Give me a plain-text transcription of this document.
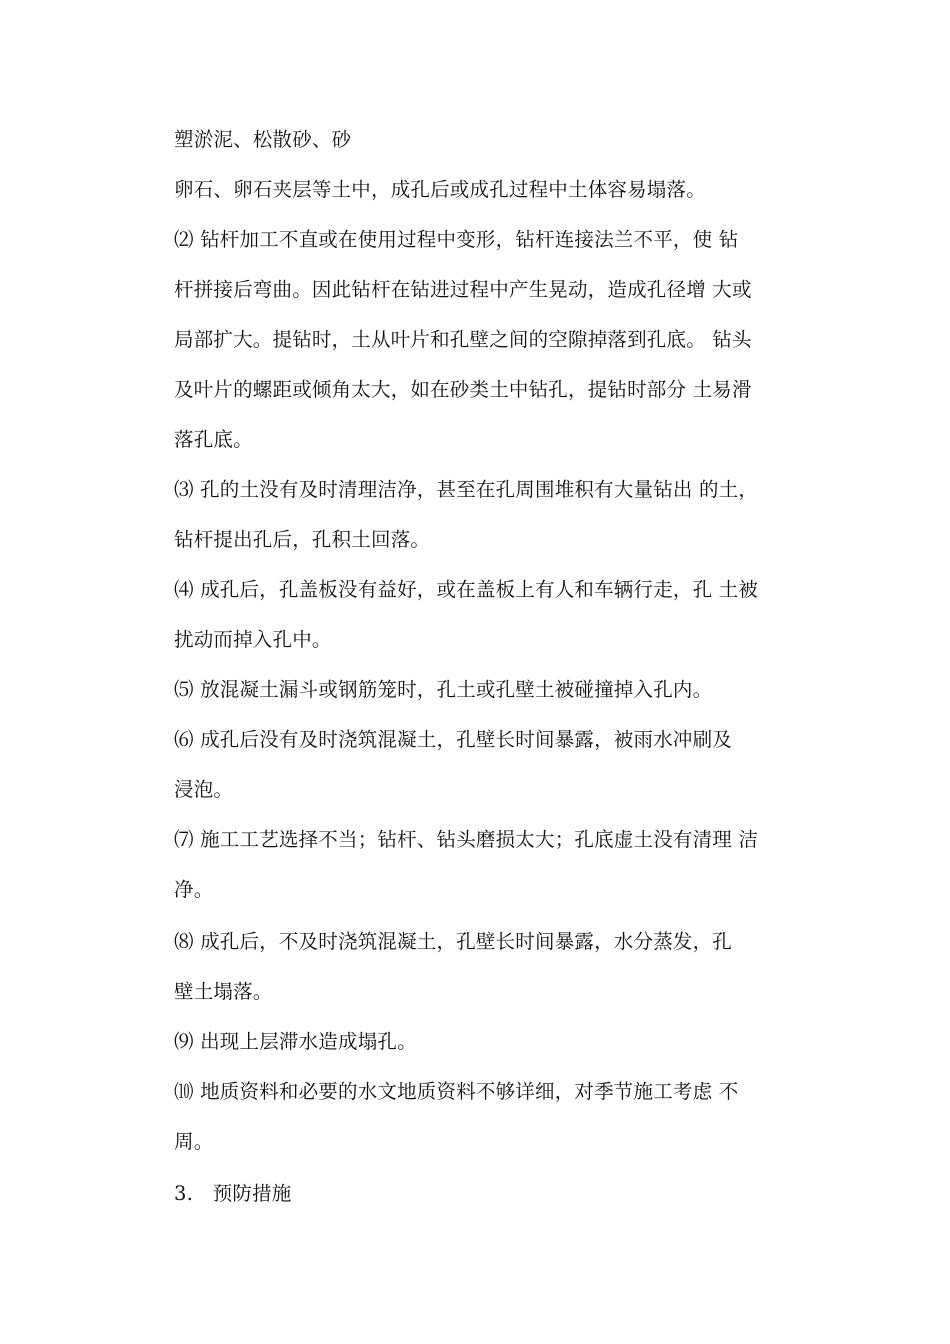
塑淤泥、松散砂、砂
卵石、卵石夹层等土中，成孔后或成孔过程中土体容易塌落。
⑵ 钻杆加工不直或在使用过程中变形，钻杆连接法兰不平，使 钻
杆拼接后弯曲。因此钻杆在钻进过程中产生晃动，造成孔径增 大或
局部扩大。提钻时，土从叶片和孔壁之间的空隙掉落到孔底。 钻头
及叶片的螺距或倾角太大，如在砂类土中钻孔，提钻时部分 土易滑
落孔底。
⑶ 孔的土没有及时清理洁净，甚至在孔周围堆积有大量钻出 的土，
钻杆提出孔后，孔积土回落。
⑷ 成孔后，孔盖板没有益好，或在盖板上有人和车辆行走，孔 土被
扰动而掉入孔中。
⑸ 放混凝土漏斗或钢筋笼时，孔土或孔壁土被碰撞掉入孔内。
⑹ 成孔后没有及时浇筑混凝土，孔壁长时间暴露，被雨水冲刷及
浸泡。
⑺ 施工工艺选择不当；钻杆、钻头磨损太大；孔底虚土没有清理 洁
净。
⑻ 成孔后，不及时浇筑混凝土，孔壁长时间暴露，水分蒸发，孔
壁土塌落。
⑼ 出现上层滞水造成塌孔。
⑽ 地质资料和必要的水文地质资料不够详细，对季节施工考虑 不
周。
3.　预防措施
